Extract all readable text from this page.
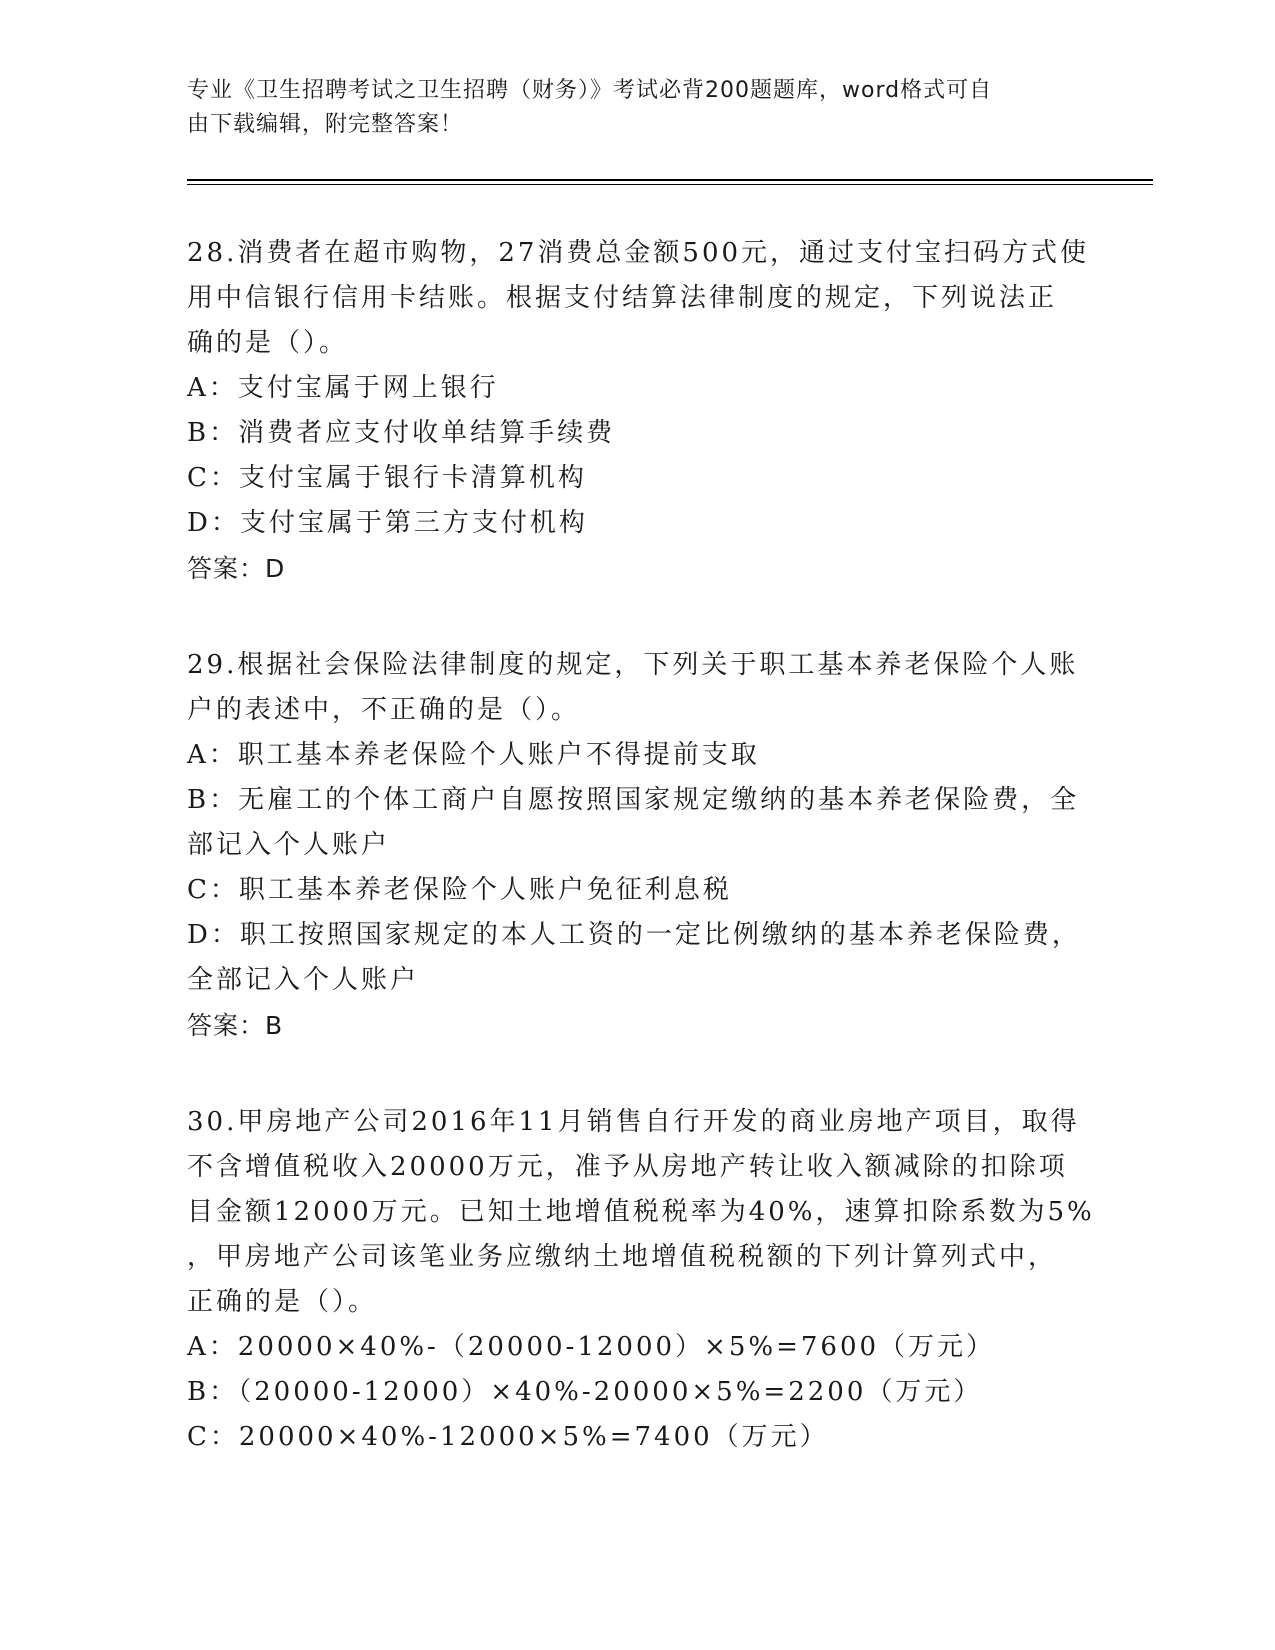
专业《卫生招聘考试之卫生招聘（财务）》考试必背200题题库，word格式可自
由下载编辑，附完整答案！
28.消费者在超市购物，27消费总金额500元，通过支付宝扫码方式使
用中信银行信用卡结账。根据支付结算法律制度的规定，下列说法正
确的是（）。
A：支付宝属于网上银行
B：消费者应支付收单结算手续费
C：支付宝属于银行卡清算机构
D：支付宝属于第三方支付机构
答案：D
29.根据社会保险法律制度的规定，下列关于职工基本养老保险个人账
户的表述中，不正确的是（）。
A：职工基本养老保险个人账户不得提前支取
B：无雇工的个体工商户自愿按照国家规定缴纳的基本养老保险费，全
部记入个人账户
C：职工基本养老保险个人账户免征利息税
D：职工按照国家规定的本人工资的一定比例缴纳的基本养老保险费，
全部记入个人账户
答案：B
30.甲房地产公司2016年11月销售自行开发的商业房地产项目，取得
不含增值税收入20000万元，准予从房地产转让收入额减除的扣除项
目金额12000万元。已知土地增值税税率为40%，速算扣除系数为5%
，甲房地产公司该笔业务应缴纳土地增值税税额的下列计算列式中，
正确的是（）。
A：20000×40%-（20000-12000）×5%=7600（万元）
B：（20000-12000）×40%-20000×5%=2200（万元）
C：20000×40%-12000×5%=7400（万元）
